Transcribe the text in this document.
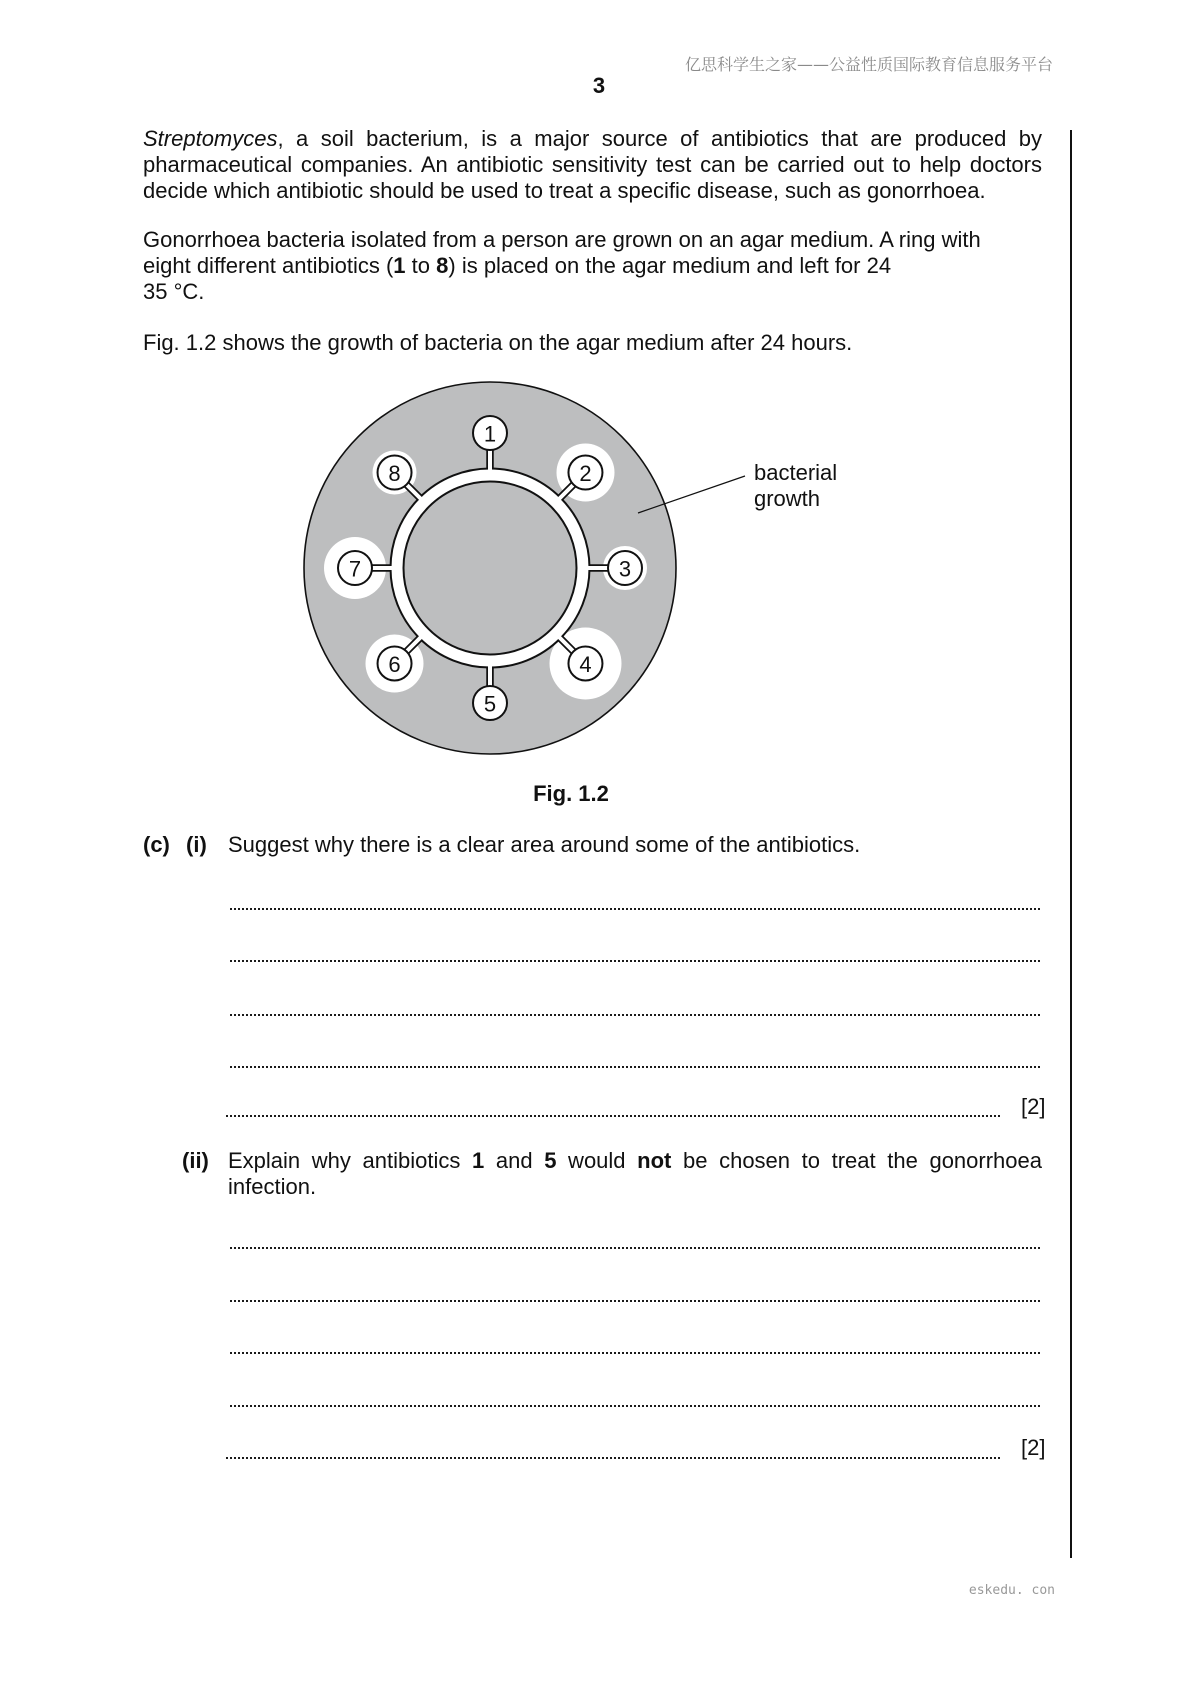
亿思科学生之家——公益性质国际教育信息服务平台
3
Streptomyces, a soil bacterium, is a major source of antibiotics that are produced by
pharmaceutical companies. An antibiotic sensitivity test can be carried out to help doctors
decide which antibiotic should be used to treat a specific disease, such as gonorrhoea.
Gonorrhoea bacteria isolated from a person are grown on an agar medium. A ring with
eight different antibiotics (1 to 8) is placed on the agar medium and left for 24
35 °C.
Fig. 1.2 shows the growth of bacteria on the agar medium after 24 hours.
1
2
3
4
5
6
7
8	bacterial
growth
Fig. 1.2
(c) (i) Suggest why there is a clear area around some of the antibiotics.
[2]
(ii) Explain why antibiotics 1 and 5 would not be chosen to treat the gonorrhoea
infection.
[2]
eskedu. con
